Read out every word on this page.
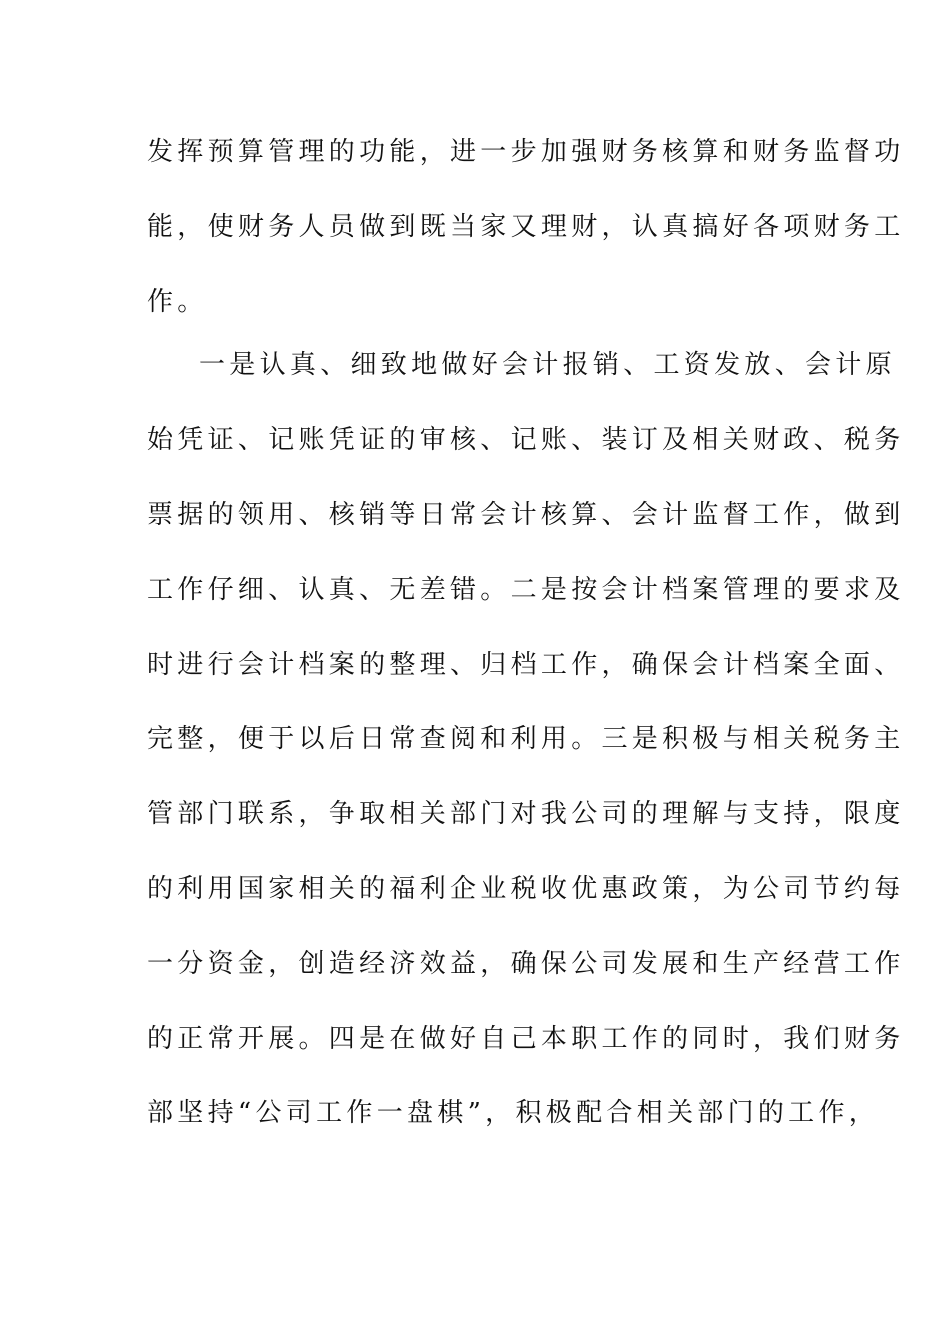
发挥预算管理的功能，进一步加强财务核算和财务监督功
能，使财务人员做到既当家又理财，认真搞好各项财务工
作。
一是认真、细致地做好会计报销、工资发放、会计原
始凭证、记账凭证的审核、记账、装订及相关财政、税务
票据的领用、核销等日常会计核算、会计监督工作，做到
工作仔细、认真、无差错。二是按会计档案管理的要求及
时进行会计档案的整理、归档工作，确保会计档案全面、
完整，便于以后日常查阅和利用。三是积极与相关税务主
管部门联系，争取相关部门对我公司的理解与支持，限度
的利用国家相关的福利企业税收优惠政策，为公司节约每
一分资金，创造经济效益，确保公司发展和生产经营工作
的正常开展。四是在做好自己本职工作的同时，我们财务
部坚持“公司工作一盘棋”，积极配合相关部门的工作，
